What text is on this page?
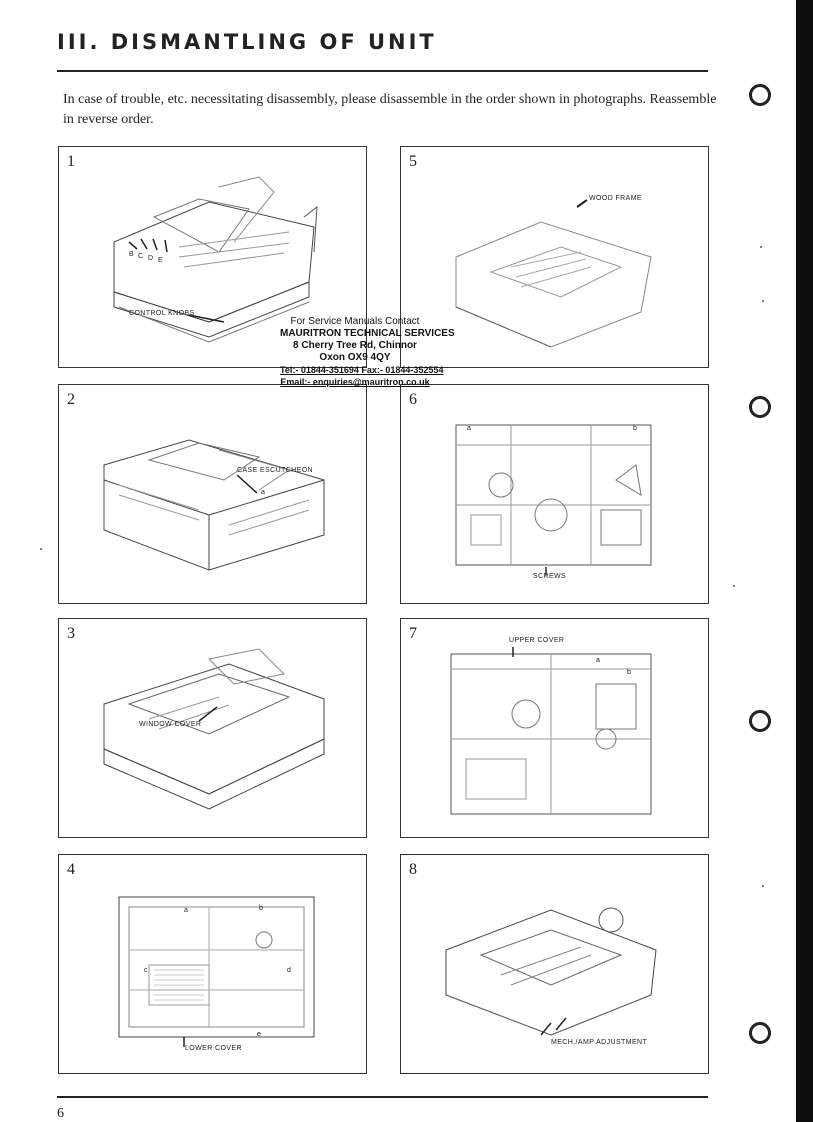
III. DISMANTLING OF UNIT

In case of trouble, etc. necessitating disassembly, please disassemble in the order shown in photographs. Reassemble in reverse order.

1
B C D E
CONTROL KNOBS
2
CASE ESCUTCHEON
a
3
WINDOW COVER
4
a	b
c	d
e
LOWER COVER
5
WOOD FRAME
6
a	b
SCREWS
7	UPPER COVER
a
b
8
MECH./AMP ADJUSTMENT
For Service Manuals Contact
MAURITRON TECHNICAL SERVICES
8 Cherry Tree Rd, Chinnor
Oxon OX9 4QY
Tel:- 01844-351694 Fax:- 01844-352554
Email:- enquiries@mauritron.co.uk
6
